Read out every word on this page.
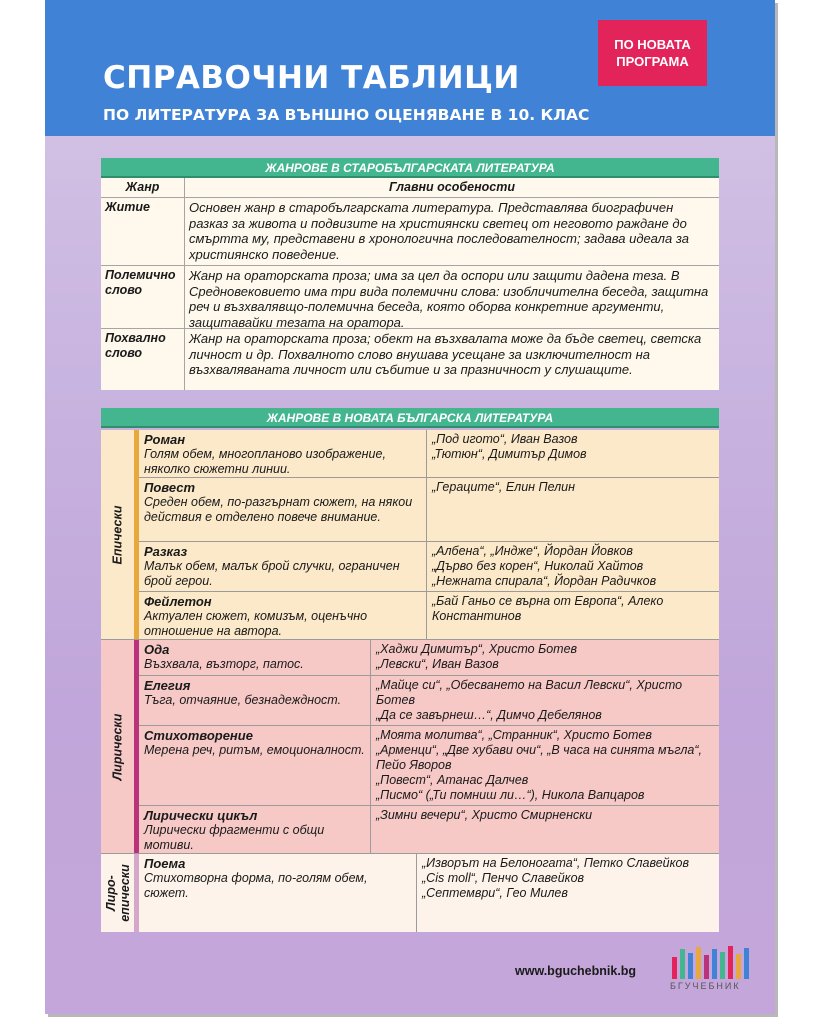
СПРАВОЧНИ ТАБЛИЦИ
ПО ЛИТЕРАТУРА ЗА ВЪНШНО ОЦЕНЯВАНЕ В 10. КЛАС
ПО НОВАТА
ПРОГРАМА
ЖАНРОВЕ В СТАРОБЪЛГАРСКАТА ЛИТЕРАТУРА
Жанр	Главни особености
Житие	Основен жанр в старобългарската литература. Представлява биографичен разказ за живота и подвизите на християнски светец от неговото раждане до смъртта му, представени в хронологична последователност; задава идеала за християнско поведение.
Полемично слово
Жанр на ораторската проза; има за цел да оспори или защити дадена теза. В Средновековието има три вида полемични слова: изобличителна беседа, защитна реч и възхвалявщо-полемична беседа, която оборва конкретние аргументи, защитавайки тезата на оратора.
Похвално слово
Жанр на ораторската проза; обект на възхвалата може да бъде светец, светска личност и др. Похвалното слово внушава усещане за изключителност на възхваляваната личност или събитие и за празничност у слушащите.
ЖАНРОВЕ В НОВАТА БЪЛГАРСКА ЛИТЕРАТУРА
Епически
Роман
Голям обем, многопланово изображение, няколко сюжетни линии.
„Под игото“, Иван Вазов
„Тютюн“, Димитър Димов
Повест
Среден обем, по-разгърнат сюжет, на някои действия е отделено повече внимание.
„Гераците“, Елин Пелин
Разказ
Малък обем, малък брой случки, ограничен брой герои.
„Албена“, „Индже“, Йордан Йовков
„Дърво без корен“, Николай Хайтов
„Нежната спирала“, Йордан Радичков
Фейлетон
Актуален сюжет, комизъм, оценъчно отношение на автора.
„Бай Ганьо се върна от Европа“, Алеко Константинов
Лирически
Ода
Възхвала, възторг, патос.
„Хаджи Димитър“, Христо Ботев
„Левски“, Иван Вазов
Елегия
Тъга, отчаяние, безнадеждност.
„Майце си“, „Обесването на Васил Левски“, Христо Ботев
„Да се завърнеш…“, Димчо Дебелянов
Стихотворение
Мерена реч, ритъм, емоционалност.
„Моята молитва“, „Странник“, Христо Ботев
„Арменци“, „Две хубави очи“, „В часа на синята мъгла“, Пейо Яворов
„Повест“, Атанас Далчев
„Писмо“ („Ти помниш ли…“), Никола Вапцаров
Лирически цикъл
Лирически фрагменти с общи мотиви.
„Зимни вечери“, Христо Смирненски
Лиро-епически
Поема
Стихотворна форма, по-голям обем, сюжет.
„Изворът на Белоногата“, Петко Славейков
„Cis moll“, Пенчо Славейков
„Септември“, Гео Милев
www.bguchebnik.bg
БГУЧЕБНИК
